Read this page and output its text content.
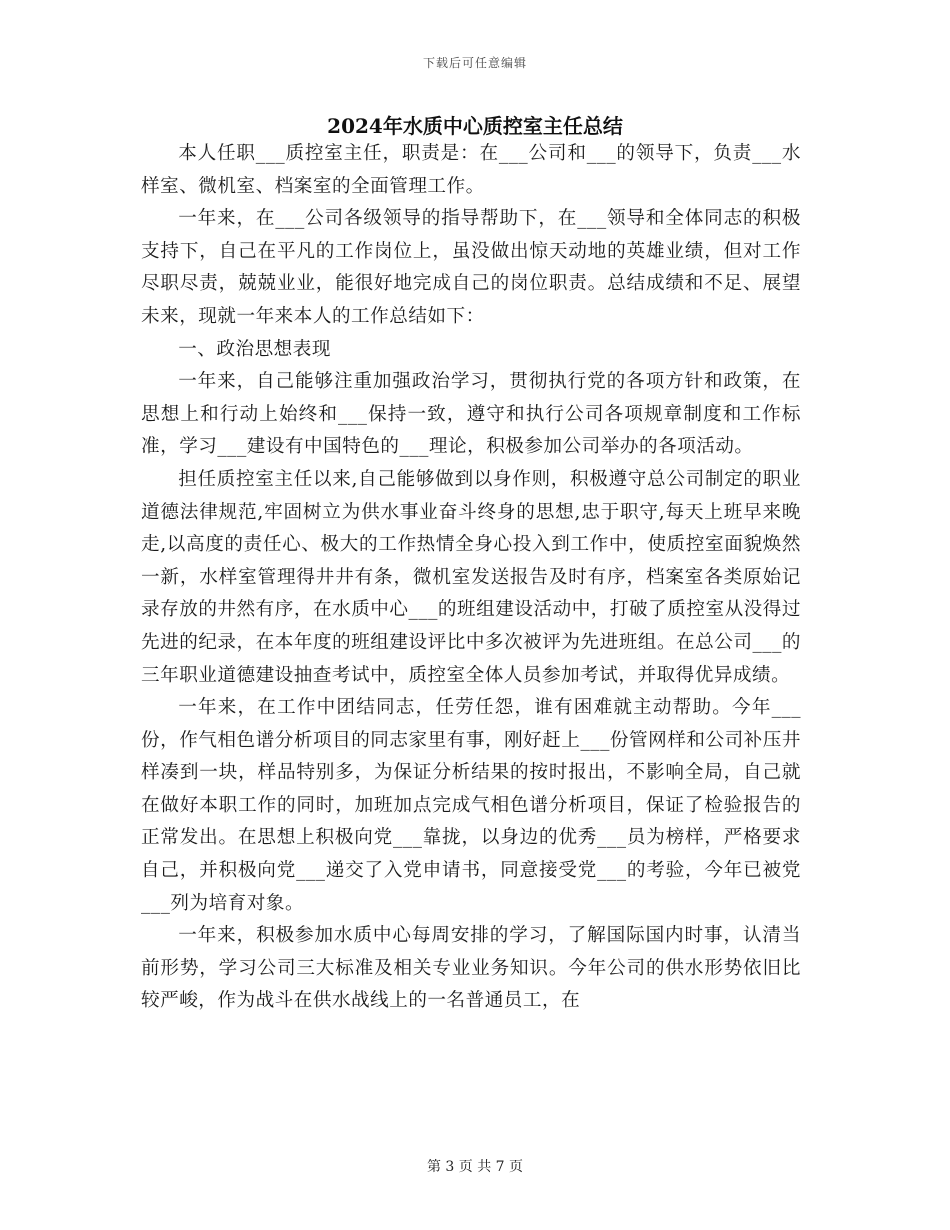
下载后可任意编辑
2024年水质中心质控室主任总结

本人任职___质控室主任，职责是：在___公司和___的领导下，负责___水样室、微机室、档案室的全面管理工作。

一年来，在___公司各级领导的指导帮助下，在___领导和全体同志的积极支持下，自己在平凡的工作岗位上，虽没做出惊天动地的英雄业绩，但对工作尽职尽责，兢兢业业，能很好地完成自己的岗位职责。总结成绩和不足、展望未来，现就一年来本人的工作总结如下：

一、政治思想表现

一年来，自己能够注重加强政治学习，贯彻执行党的各项方针和政策，在思想上和行动上始终和___保持一致，遵守和执行公司各项规章制度和工作标准，学习___建设有中国特色的___理论，积极参加公司举办的各项活动。

担任质控室主任以来,自己能够做到以身作则，积极遵守总公司制定的职业道德法律规范,牢固树立为供水事业奋斗终身的思想,忠于职守,每天上班早来晚走,以高度的责任心、极大的工作热情全身心投入到工作中，使质控室面貌焕然一新，水样室管理得井井有条，微机室发送报告及时有序，档案室各类原始记录存放的井然有序，在水质中心___的班组建设活动中，打破了质控室从没得过先进的纪录，在本年度的班组建设评比中多次被评为先进班组。在总公司___的三年职业道德建设抽查考试中，质控室全体人员参加考试，并取得优异成绩。

一年来，在工作中团结同志，任劳任怨，谁有困难就主动帮助。今年___份，作气相色谱分析项目的同志家里有事，刚好赶上___份管网样和公司补压井样凑到一块，样品特别多，为保证分析结果的按时报出，不影响全局，自己就在做好本职工作的同时，加班加点完成气相色谱分析项目，保证了检验报告的正常发出。在思想上积极向党___靠拢，以身边的优秀___员为榜样，严格要求自己，并积极向党___递交了入党申请书，同意接受党___的考验，今年已被党___列为培育对象。

一年来，积极参加水质中心每周安排的学习，了解国际国内时事，认清当前形势，学习公司三大标准及相关专业业务知识。今年公司的供水形势依旧比较严峻，作为战斗在供水战线上的一名普通员工，在

第 3 页 共 7 页
